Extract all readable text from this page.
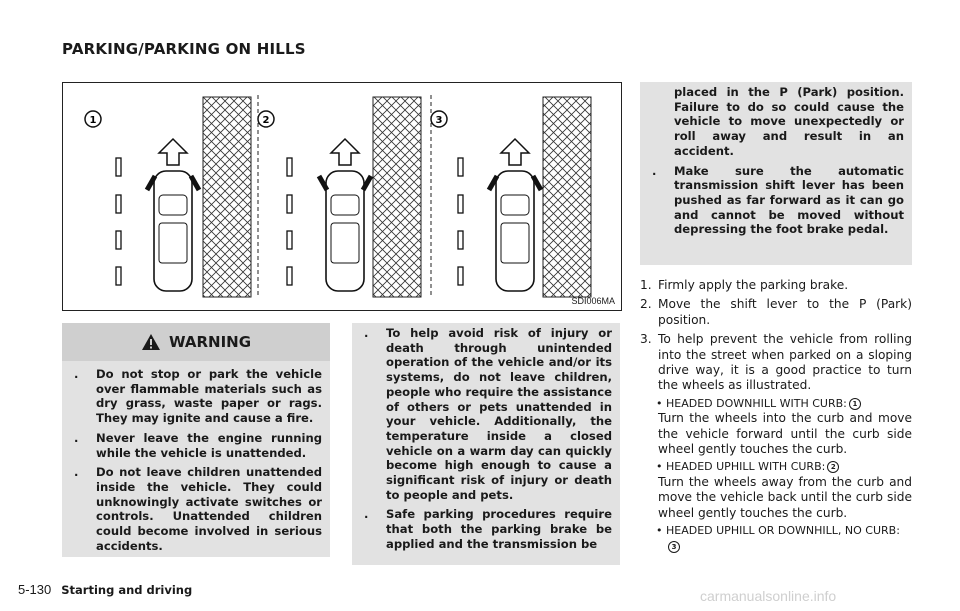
PARKING/PARKING ON HILLS
1	2	3
SDI006MA
WARNING
.	Do not stop or park the vehicle over flammable materials such as dry grass, waste paper or rags. They may ignite and cause a fire.
.	Never leave the engine running while the vehicle is unattended.
.	Do not leave children unattended inside the vehicle. They could unknowingly activate switches or controls. Unattended children could become involved in serious accidents.
.	To help avoid risk of injury or death through unintended operation of the vehicle and/or its systems, do not leave children, people who require the assistance of others or pets unattended in your vehicle. Additionally, the temperature inside a closed vehicle on a warm day can quickly become high enough to cause a significant risk of injury or death to people and pets.
.	Safe parking procedures require that both the parking brake be applied and the transmission be
placed in the P (Park) position. Failure to do so could cause the vehicle to move unexpectedly or roll away and result in an accident.
.	Make sure the automatic transmission shift lever has been pushed as far forward as it can go and cannot be moved without depressing the foot brake pedal.
1. Firmly apply the parking brake.
2. Move the shift lever to the P (Park) position.
3. To help prevent the vehicle from rolling into the street when parked on a sloping drive way, it is a good practice to turn the wheels as illustrated.
• HEADED DOWNHILL WITH CURB: 1
Turn the wheels into the curb and move the vehicle forward until the curb side wheel gently touches the curb.
• HEADED UPHILL WITH CURB: 2
Turn the wheels away from the curb and move the vehicle back until the curb side wheel gently touches the curb.
• HEADED UPHILL OR DOWNHILL, NO CURB:3
5-130 Starting and driving	carmanualsonline.info
